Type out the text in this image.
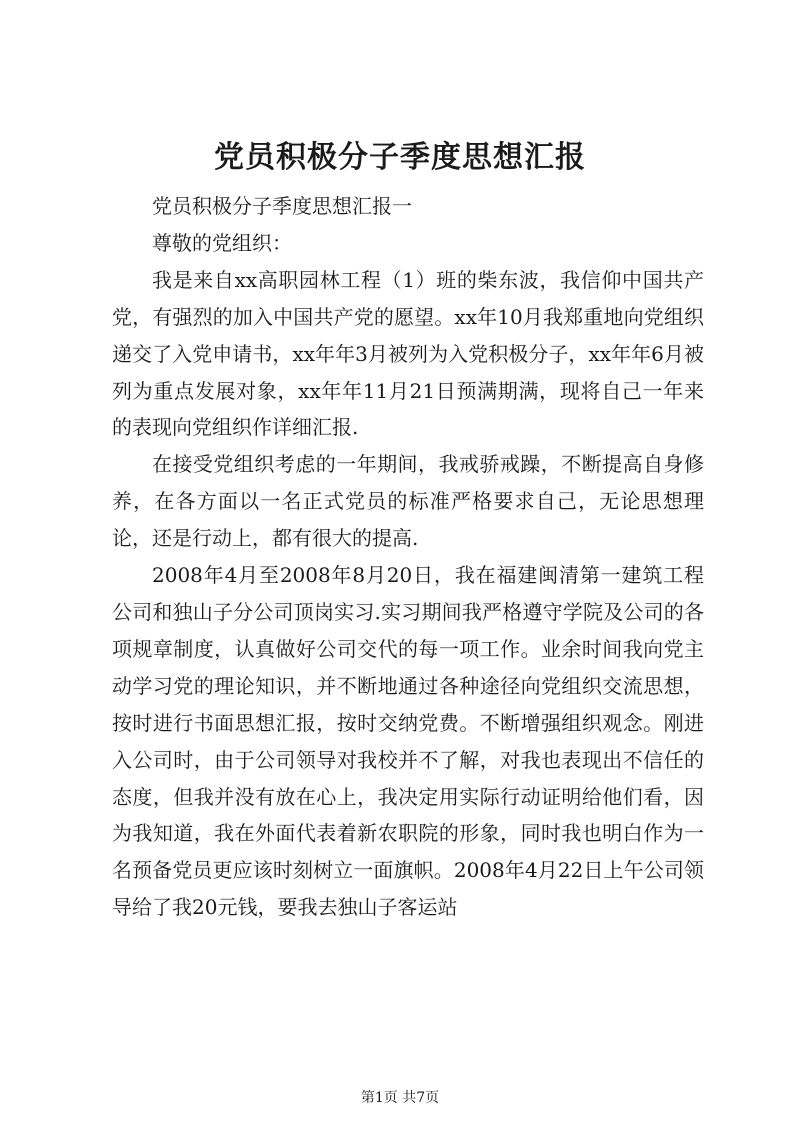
党员积极分子季度思想汇报

党员积极分子季度思想汇报一

尊敬的党组织：

我是来自xx高职园林工程（1）班的柴东波，我信仰中国共产党，有强烈的加入中国共产党的愿望。xx年10月我郑重地向党组织递交了入党申请书，xx年年3月被列为入党积极分子，xx年年6月被列为重点发展对象，xx年年11月21日预满期满，现将自己一年来的表现向党组织作详细汇报.

在接受党组织考虑的一年期间，我戒骄戒躁，不断提高自身修养，在各方面以一名正式党员的标准严格要求自己，无论思想理论，还是行动上，都有很大的提高.

2008年4月至2008年8月20日，我在福建闽清第一建筑工程公司和独山子分公司顶岗实习.实习期间我严格遵守学院及公司的各项规章制度，认真做好公司交代的每一项工作。业余时间我向党主动学习党的理论知识，并不断地通过各种途径向党组织交流思想，按时进行书面思想汇报，按时交纳党费。不断增强组织观念。刚进入公司时，由于公司领导对我校并不了解，对我也表现出不信任的态度，但我并没有放在心上，我决定用实际行动证明给他们看，因为我知道，我在外面代表着新农职院的形象，同时我也明白作为一名预备党员更应该时刻树立一面旗帜。2008年4月22日上午公司领导给了我20元钱，要我去独山子客运站

第1页 共7页
